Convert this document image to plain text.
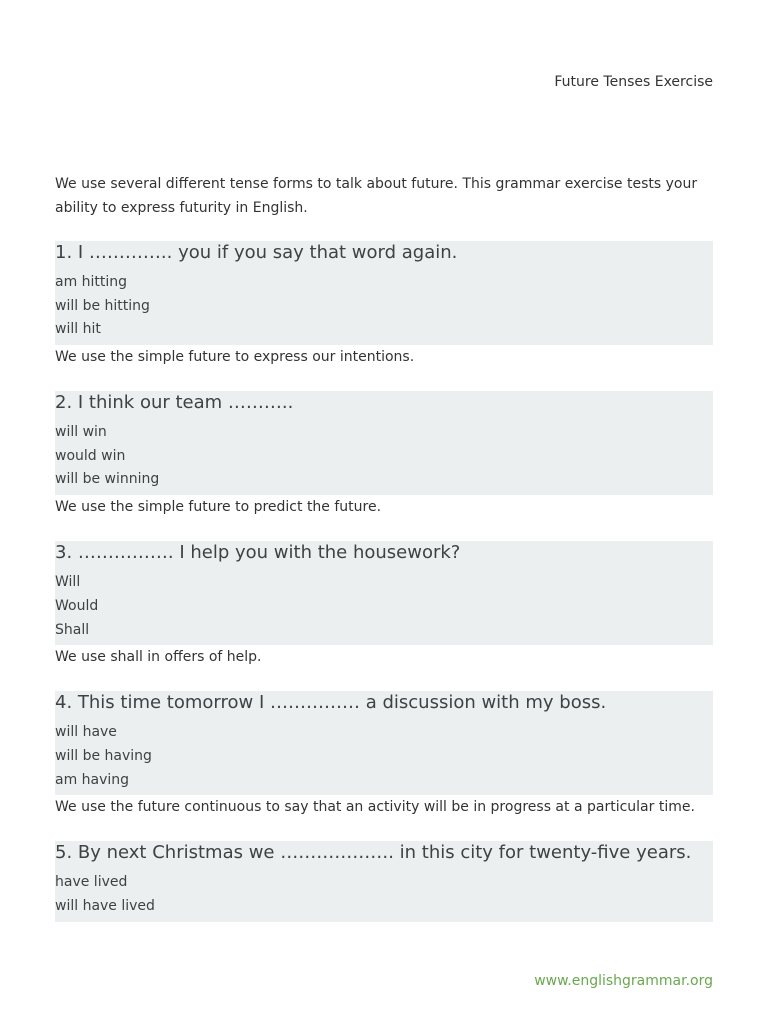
Future Tenses Exercise
We use several different tense forms to talk about future. This grammar exercise tests your ability to express futurity in English.
1. I ………….. you if you say that word again.
am hitting
will be hitting
will hit
We use the simple future to express our intentions.
2. I think our team ………..
will win
would win
will be winning
We use the simple future to predict the future.
3. ……………. I help you with the housework?
Will
Would
Shall
We use shall in offers of help.
4. This time tomorrow I …………… a discussion with my boss.
will have
will be having
am having
We use the future continuous to say that an activity will be in progress at a particular time.
5. By next Christmas we ………………. in this city for twenty-five years.
have lived
will have lived
www.englishgrammar.org
